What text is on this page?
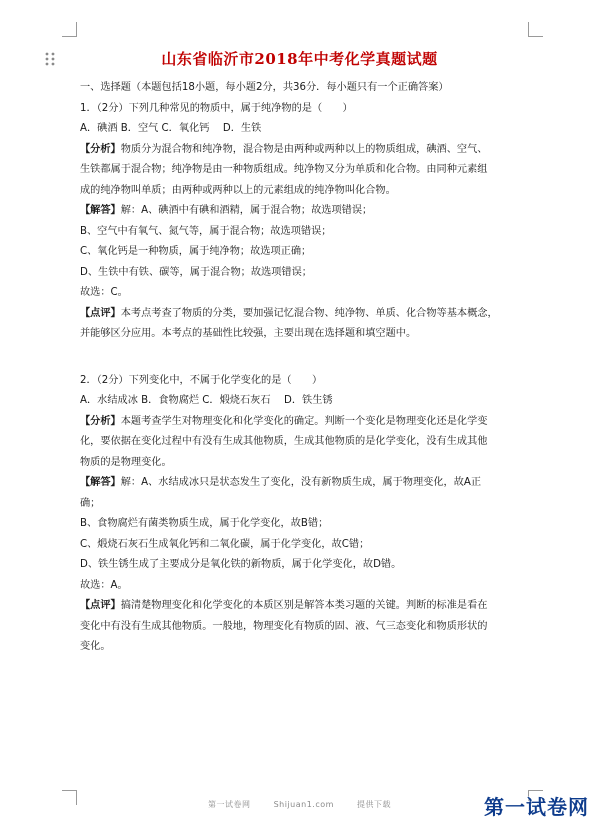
山东省临沂市2018年中考化学真题试题
一、选择题（本题包括18小题，每小题2分，共36分．每小题只有一个正确答案）
1．（2分）下列几种常见的物质中，属于纯净物的是（　　）
A．碘酒 B．空气 C．氧化钙　 D．生铁
【分析】物质分为混合物和纯净物，混合物是由两种或两种以上的物质组成，碘酒、空气、
生铁都属于混合物；纯净物是由一种物质组成。纯净物又分为单质和化合物。由同种元素组
成的纯净物叫单质；由两种或两种以上的元素组成的纯净物叫化合物。
【解答】解：A、碘酒中有碘和酒精，属于混合物；故选项错误；
B、空气中有氧气、氮气等，属于混合物；故选项错误；
C、氧化钙是一种物质，属于纯净物；故选项正确；
D、生铁中有铁、碳等，属于混合物；故选项错误；
故选：C。
【点评】本考点考查了物质的分类，要加强记忆混合物、纯净物、单质、化合物等基本概念，
并能够区分应用。本考点的基础性比较强，主要出现在选择题和填空题中。
2．（2分）下列变化中，不属于化学变化的是（　　）
A．水结成冰 B．食物腐烂 C．煅烧石灰石　 D．铁生锈
【分析】本题考查学生对物理变化和化学变化的确定。判断一个变化是物理变化还是化学变
化，要依据在变化过程中有没有生成其他物质，生成其他物质的是化学变化，没有生成其他
物质的是物理变化。
【解答】解：A、水结成冰只是状态发生了变化，没有新物质生成，属于物理变化，故A正
确；
B、食物腐烂有菌类物质生成，属于化学变化，故B错；
C、煅烧石灰石生成氧化钙和二氧化碳，属于化学变化，故C错；
D、铁生锈生成了主要成分是氧化铁的新物质，属于化学变化，故D错。
故选：A。
【点评】搞清楚物理变化和化学变化的本质区别是解答本类习题的关键。判断的标准是看在
变化中有没有生成其他物质。一般地，物理变化有物质的固、液、气三态变化和物质形状的
变化。
第一试卷网	Shijuan1.com	提供下载	第一试卷网
